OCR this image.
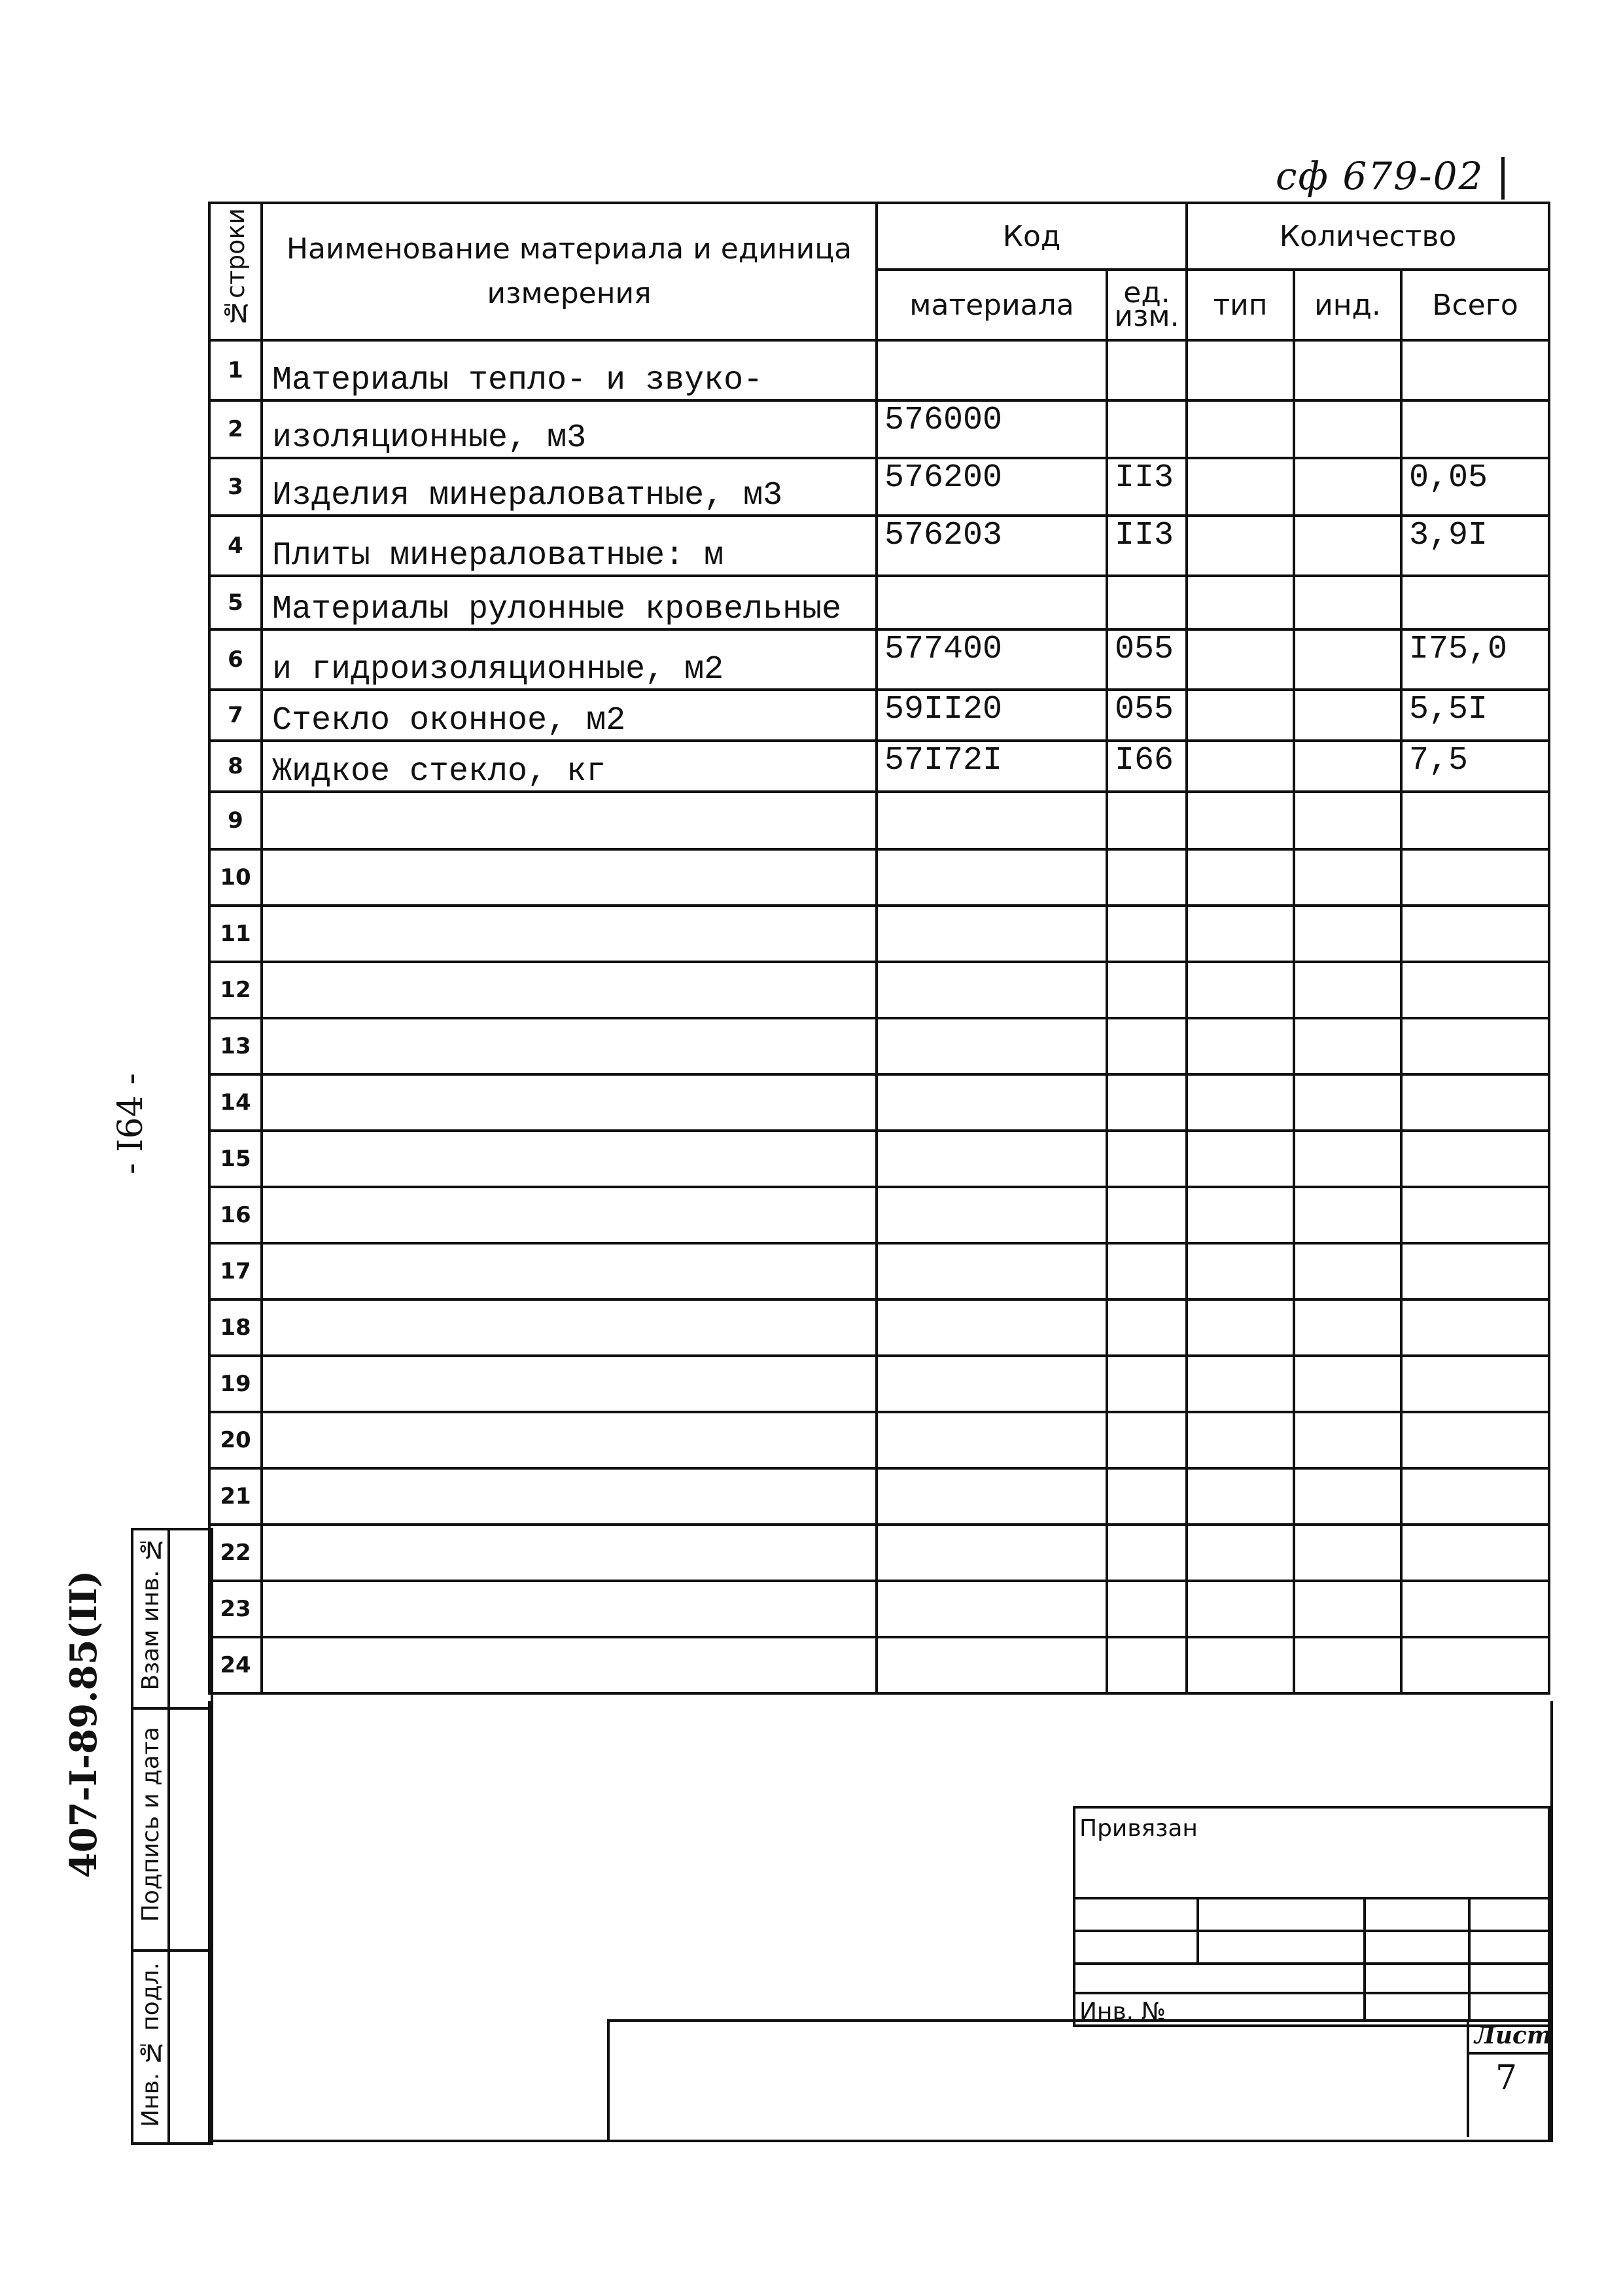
сф 679-02
- I64 -
407-I-89.85(II)
№строки	Наименование материала и единица измерения	Код		Количество		
		материала	ед. изм.	тип	инд.	Всего
1	Материалы тепло- и звуко-					
2	изоляционные, м3	576000				
3	Изделия минераловатные, м3	576200	II3			0,05
4	Плиты минераловатные: м	576203	II3			3,9I
5	Материалы рулонные кровельные					
6	и гидроизоляционные, м2	577400	055			I75,0
7	Стекло оконное, м2	59II20	055			5,5I
8	Жидкое стекло, кг	57I72I	I66			7,5
9						
10						
11						
12						
13						
14						
15						
16						
17						
18						
19						
20						
21						
22						
23						
24						
Взам инв. №
Подпись и дата
Инв. № подл.
Привязан
Инв. №
Лист
7
